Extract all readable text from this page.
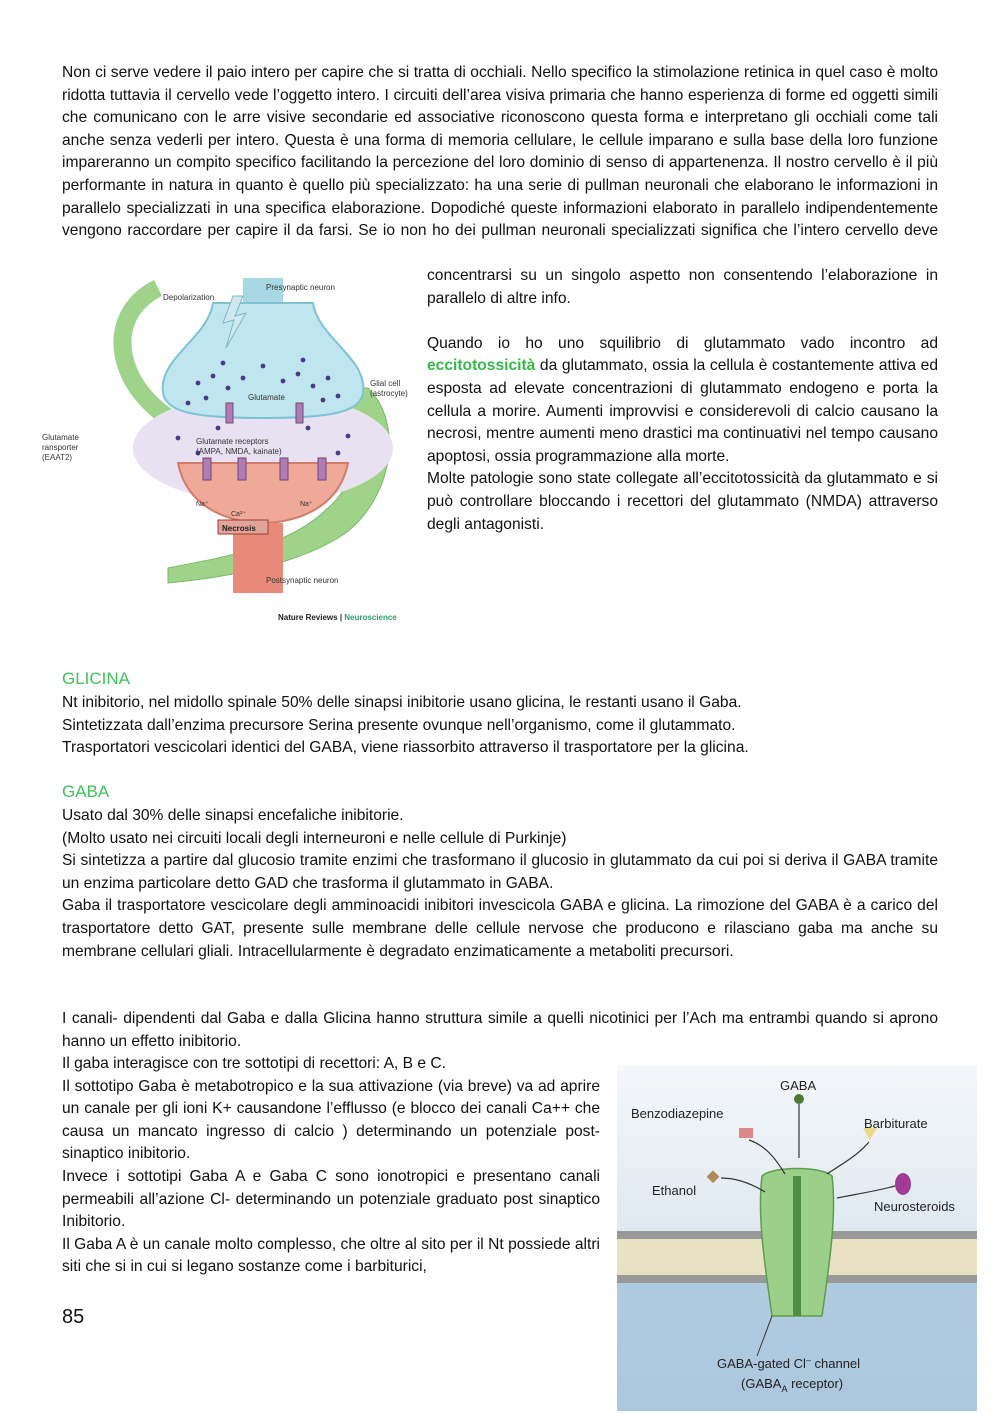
Non ci serve vedere il paio intero per capire che si tratta di occhiali. Nello specifico la stimolazione retinica in quel caso è molto ridotta tuttavia il cervello vede l’oggetto intero. I circuiti dell’area visiva primaria che hanno esperienza di forme ed oggetti simili che comunicano con le arre visive secondarie ed associative riconoscono questa forma e interpretano gli occhiali come tali anche senza vederli per intero. Questa è una forma di memoria cellulare, le cellule imparano e sulla base della loro funzione impareranno un compito specifico facilitando la percezione del loro dominio di senso di appartenenza. Il nostro cervello è il più performante in natura in quanto è quello più specializzato: ha una serie di pullman neuronali che elaborano le informazioni in parallelo specializzati in una specifica elaborazione. Dopodiché queste informazioni elaborato in parallelo indipendentemente vengono raccordare per capire il da farsi. Se io non ho dei pullman neuronali specializzati significa che l’intero cervello deve

concentrarsi su un singolo aspetto non consentendo l’elaborazione in parallelo di altre info.

Quando io ho uno squilibrio di glutammato vado incontro ad eccitotossicità da glutammato, ossia la cellula è costantemente attiva ed esposta ad elevate concentrazioni di glutammato endogeno e porta la cellula a morire. Aumenti improvvisi e considerevoli di calcio causano la necrosi, mentre aumenti meno drastici ma continuativi nel tempo causano apoptosi, ossia programmazione alla morte.

Molte patologie sono state collegate all’eccitotossicità da glutammato e si può controllare bloccando i recettori del glutammato (NMDA) attraverso degli antagonisti.

Depolarization
Presynaptic neuron
Glial cell
(astrocyte)
Glutamate
Glutamate
ransporter
(EAAT2)
Glutamate receptors
(AMPA, NMDA, kainate)
Na⁺	Na⁺
Ca²⁺
Necrosis
Postsynaptic neuron
Nature Reviews | Neuroscience
GLICINA

Nt inibitorio, nel midollo spinale 50% delle sinapsi inibitorie usano glicina, le restanti usano il Gaba.

Sintetizzata dall’enzima precursore Serina presente ovunque nell’organismo, come il glutammato.

Trasportatori vescicolari identici del GABA, viene riassorbito attraverso il trasportatore per la glicina.

GABA

Usato dal 30% delle sinapsi encefaliche inibitorie.

(Molto usato nei circuiti locali degli interneuroni e nelle cellule di Purkinje)

Si sintetizza a partire dal glucosio tramite enzimi che trasformano il glucosio in glutammato da cui poi si deriva il GABA tramite un enzima particolare detto GAD che trasforma il glutammato in GABA.

Gaba il trasportatore vescicolare degli amminoacidi inibitori invescicola GABA e glicina. La rimozione del GABA è a carico del trasportatore detto GAT, presente sulle membrane delle cellule nervose che producono e rilasciano gaba ma anche su membrane cellulari gliali. Intracellularmente è degradato enzimaticamente a metaboliti precursori.

I canali- dipendenti dal Gaba e dalla Glicina hanno struttura simile a quelli nicotinici per l’Ach ma entrambi quando si aprono hanno un effetto inibitorio.

Il gaba interagisce con tre sottotipi di recettori: A, B e C.

Il sottotipo Gaba è metabotropico e la sua attivazione (via breve) va ad aprire un canale per gli ioni K+ causandone l’efflusso (e blocco dei canali Ca++ che causa un mancato ingresso di calcio ) determinando un potenziale post- sinaptico inibitorio.

Invece i sottotipi Gaba A e Gaba C sono ionotropici e presentano canali permeabili all’azione Cl- determinando un potenziale graduato post sinaptico Inibitorio.

Il Gaba A è un canale molto complesso, che oltre al sito per il Nt possiede altri siti che si in cui si legano sostanze come i barbiturici,

GABA
Benzodiazepine
Barbiturate
Ethanol
Neurosteroids
GABA-gated Cl– channel
($GABA_A$ receptor)
85
